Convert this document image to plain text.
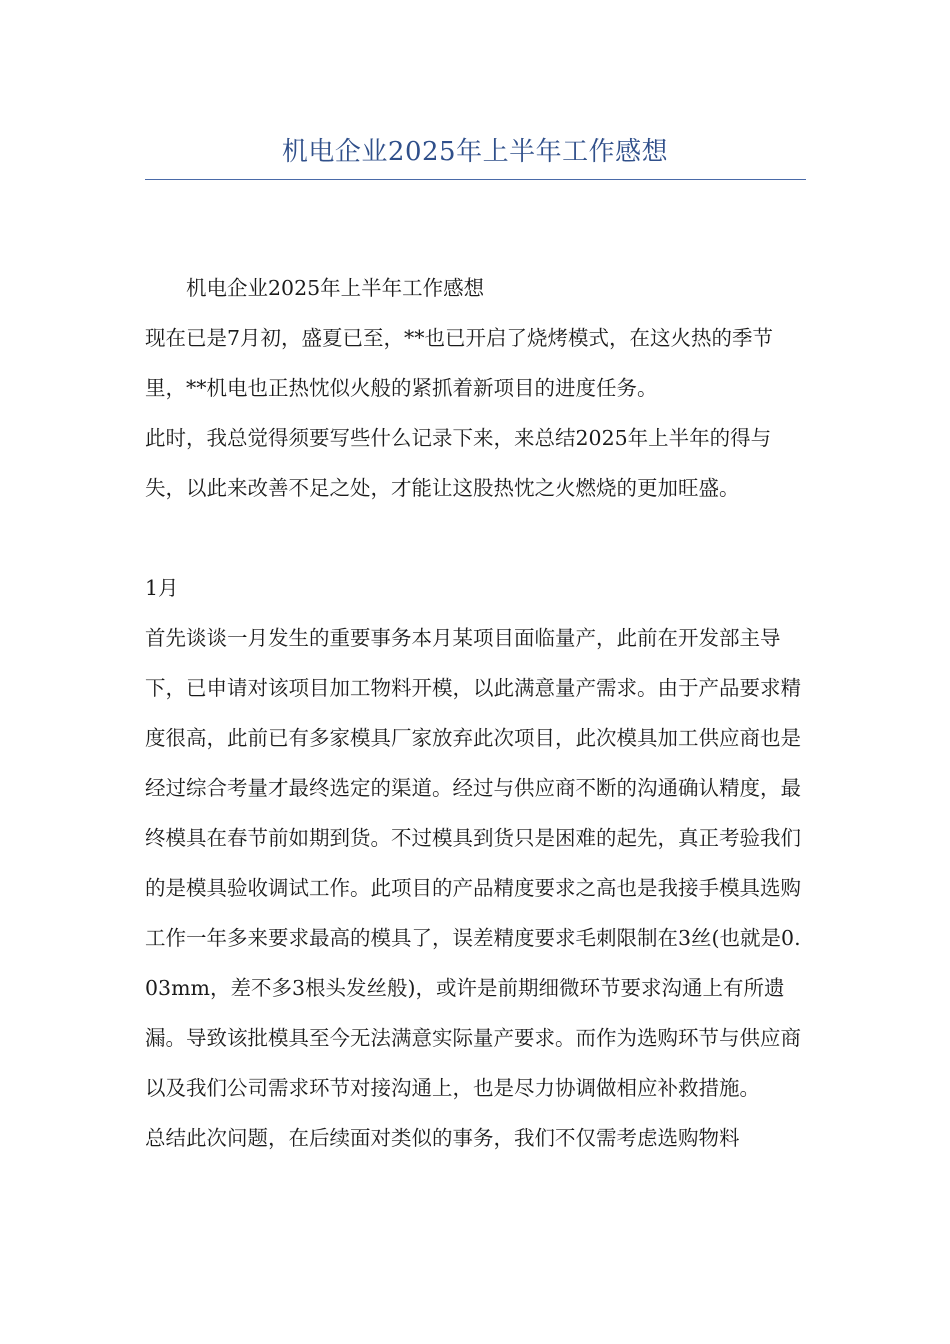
机电企业2025年上半年工作感想

机电企业2025年上半年工作感想

现在已是7月初，盛夏已至，**也已开启了烧烤模式，在这火热的季节里，**机电也正热忱似火般的紧抓着新项目的进度任务。

此时，我总觉得须要写些什么记录下来，来总结2025年上半年的得与失，以此来改善不足之处，才能让这股热忱之火燃烧的更加旺盛。

1月

首先谈谈一月发生的重要事务本月某项目面临量产，此前在开发部主导下，已申请对该项目加工物料开模，以此满意量产需求。由于产品要求精度很高，此前已有多家模具厂家放弃此次项目，此次模具加工供应商也是经过综合考量才最终选定的渠道。经过与供应商不断的沟通确认精度，最终模具在春节前如期到货。不过模具到货只是困难的起先，真正考验我们的是模具验收调试工作。此项目的产品精度要求之高也是我接手模具选购工作一年多来要求最高的模具了，误差精度要求毛刺限制在3丝(也就是0.03mm，差不多3根头发丝般)，或许是前期细微环节要求沟通上有所遗漏。导致该批模具至今无法满意实际量产要求。而作为选购环节与供应商以及我们公司需求环节对接沟通上，也是尽力协调做相应补救措施。

总结此次问题，在后续面对类似的事务，我们不仅需考虑选购物料
